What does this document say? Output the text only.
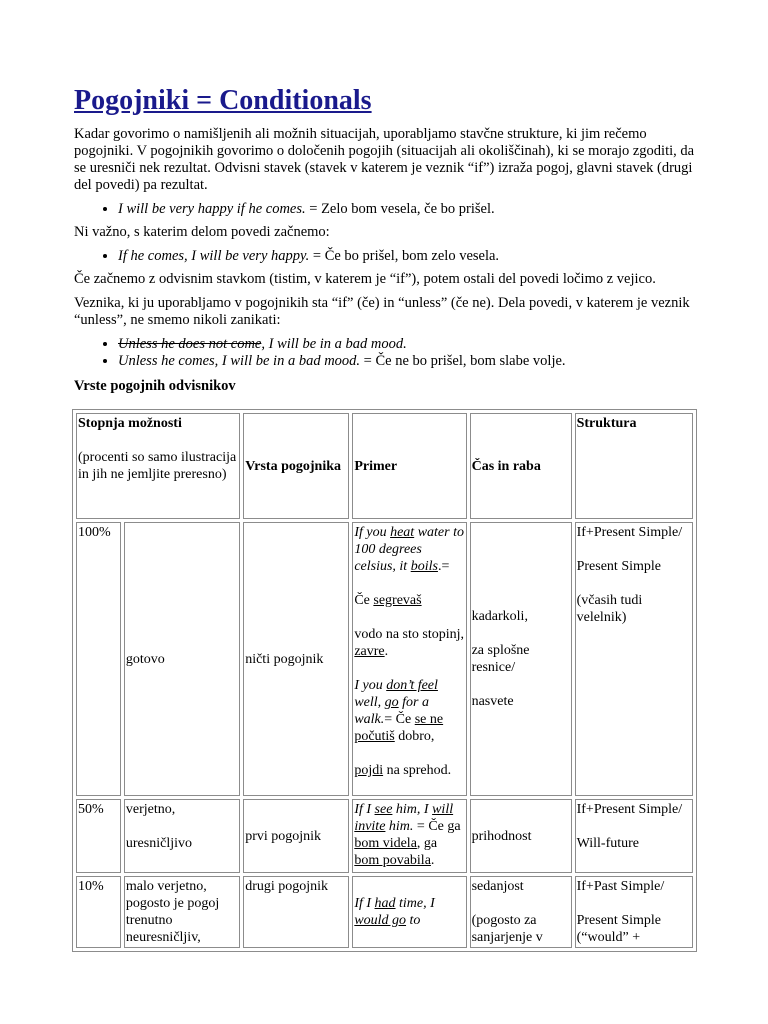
Pogojniki = Conditionals

Kadar govorimo o namišljenih ali možnih situacijah, uporabljamo stavčne strukture, ki jim rečemo pogojniki. V pogojnikih govorimo o določenih pogojih (situacijah ali okoliščinah), ki se morajo zgoditi, da se uresniči nek rezultat. Odvisni stavek (stavek v katerem je veznik “if”) izraža pogoj, glavni stavek (drugi del povedi) pa rezultat.

• I will be very happy if he comes. = Zelo bom vesela, če bo prišel.

Ni važno, s katerim delom povedi začnemo:

• If he comes, I will be very happy. = Če bo prišel, bom zelo vesela.

Če začnemo z odvisnim stavkom (tistim, v katerem je “if”), potem ostali del povedi ločimo z vejico.

Veznika, ki ju uporabljamo v pogojnikih sta “if” (če) in “unless” (če ne). Dela povedi, v katerem je veznik “unless”, ne smemo nikoli zanikati:

• Unless he does not come, I will be in a bad mood.
• Unless he comes, I will be in a bad mood. = Če ne bo prišel, bom slabe volje.

Vrste pogojnih odvisnikov

Stopnja možnosti
(procenti so samo ilustracija in jih ne jemljite preresno)		Vrsta pogojnika	Primer	Čas in raba	Struktura
100%	gotovo	ničti pogojnik	If you heat water to 100 degrees celsius, it boils.=
Če segrevaš
vodo na sto stopinj, zavre.
I you don’t feel well, go for a walk.= Če se ne počutiš dobro,
pojdi na sprehod.	kadarkoli,
za splošne resnice/
nasvete	If+Present Simple/
Present Simple
(včasih tudi velelnik)
50%	verjetno,
uresničljivo	prvi pogojnik	If I see him, I will invite him. = Če ga bom videla, ga bom povabila.	prihodnost	If+Present Simple/
Will-future
10%	malo verjetno, pogosto je pogoj trenutno neuresničljiv,	drugi pogojnik	If I had time, I would go to	sedanjost
(pogosto za sanjarjenje v	If+Past Simple/
Present Simple (“would” +
